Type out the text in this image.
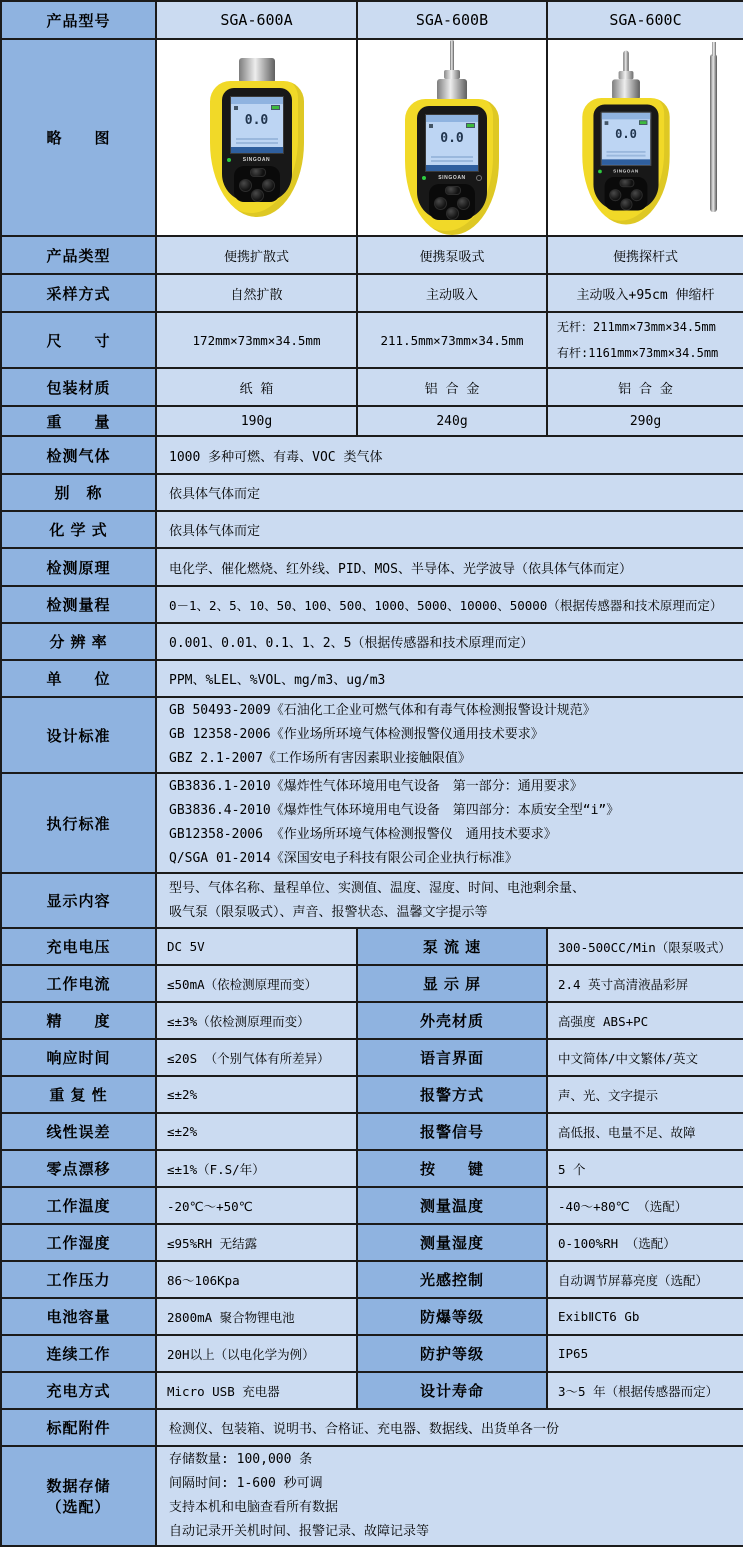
产品型号	SGA-600A	SGA-600B	SGA-600C
略　　图	
0.0
SINGOAN

0.0
SINGOAN

0.0
SINGOAN

产品类型	便携扩散式	便携泵吸式	便携探杆式
采样方式	自然扩散	主动吸入	主动吸入+95cm 伸缩杆
尺　　寸	172mm×73mm×34.5mm	211.5mm×73mm×34.5mm	无杆：211mm×73mm×34.5mm
有杆:1161mm×73mm×34.5mm

包装材质	纸 箱	铝 合 金	铝 合 金
重　　量	190g	240g	290g
检测气体	1000 多种可燃、有毒、VOC 类气体		
别　称	依具体气体而定		
化 学 式	依具体气体而定		
检测原理	电化学、催化燃烧、红外线、PID、MOS、半导体、光学波导（依具体气体而定）		
检测量程	0－1、2、5、10、50、100、500、1000、5000、10000、50000（根据传感器和技术原理而定）		
分 辨 率	0.001、0.01、0.1、1、2、5（根据传感器和技术原理而定）		
单　　位	PPM、%LEL、%VOL、mg/m3、ug/m3		
设计标准	GB 50493-2009《石油化工企业可燃气体和有毒气体检测报警设计规范》
GB 12358-2006《作业场所环境气体检测报警仪通用技术要求》
GBZ 2.1-2007《工作场所有害因素职业接触限值》		

执行标准	GB3836.1-2010《爆炸性气体环境用电气设备　第一部分：通用要求》
GB3836.4-2010《爆炸性气体环境用电气设备　第四部分：本质安全型“i”》
GB12358-2006 《作业场所环境气体检测报警仪　通用技术要求》
Q/SGA 01-2014《深国安电子科技有限公司企业执行标准》		

显示内容	型号、气体名称、量程单位、实测值、温度、湿度、时间、电池剩余量、
吸气泵（限泵吸式）、声音、报警状态、温馨文字提示等		

充电电压	DC 5V	泵 流 速	300-500CC/Min（限泵吸式）
工作电流	≤50mA（依检测原理而变）	显 示 屏	2.4 英寸高清液晶彩屏
精　　度	≤±3%（依检测原理而变）	外壳材质	高强度 ABS+PC
响应时间	≤20S （个别气体有所差异）	语言界面	中文简体/中文繁体/英文
重 复 性	≤±2%	报警方式	声、光、文字提示
线性误差	≤±2%	报警信号	高低报、电量不足、故障
零点漂移	≤±1%（F.S/年）	按　　键	5 个
工作温度	-20℃～+50℃	测量温度	-40～+80℃ （选配）
工作湿度	≤95%RH 无结露	测量湿度	0-100%RH （选配）
工作压力	86～106Kpa	光感控制	自动调节屏幕亮度（选配）
电池容量	2800mA 聚合物锂电池	防爆等级	ExibⅡCT6 Gb
连续工作	20H以上（以电化学为例）	防护等级	IP65
充电方式	Micro USB 充电器	设计寿命	3～5 年（根据传感器而定）
标配附件	检测仪、包装箱、说明书、合格证、充电器、数据线、出货单各一份		
数据存储
（选配）

存储数量: 100,000 条
间隔时间: 1-600 秒可调
支持本机和电脑查看所有数据
自动记录开关机时间、报警记录、故障记录等
